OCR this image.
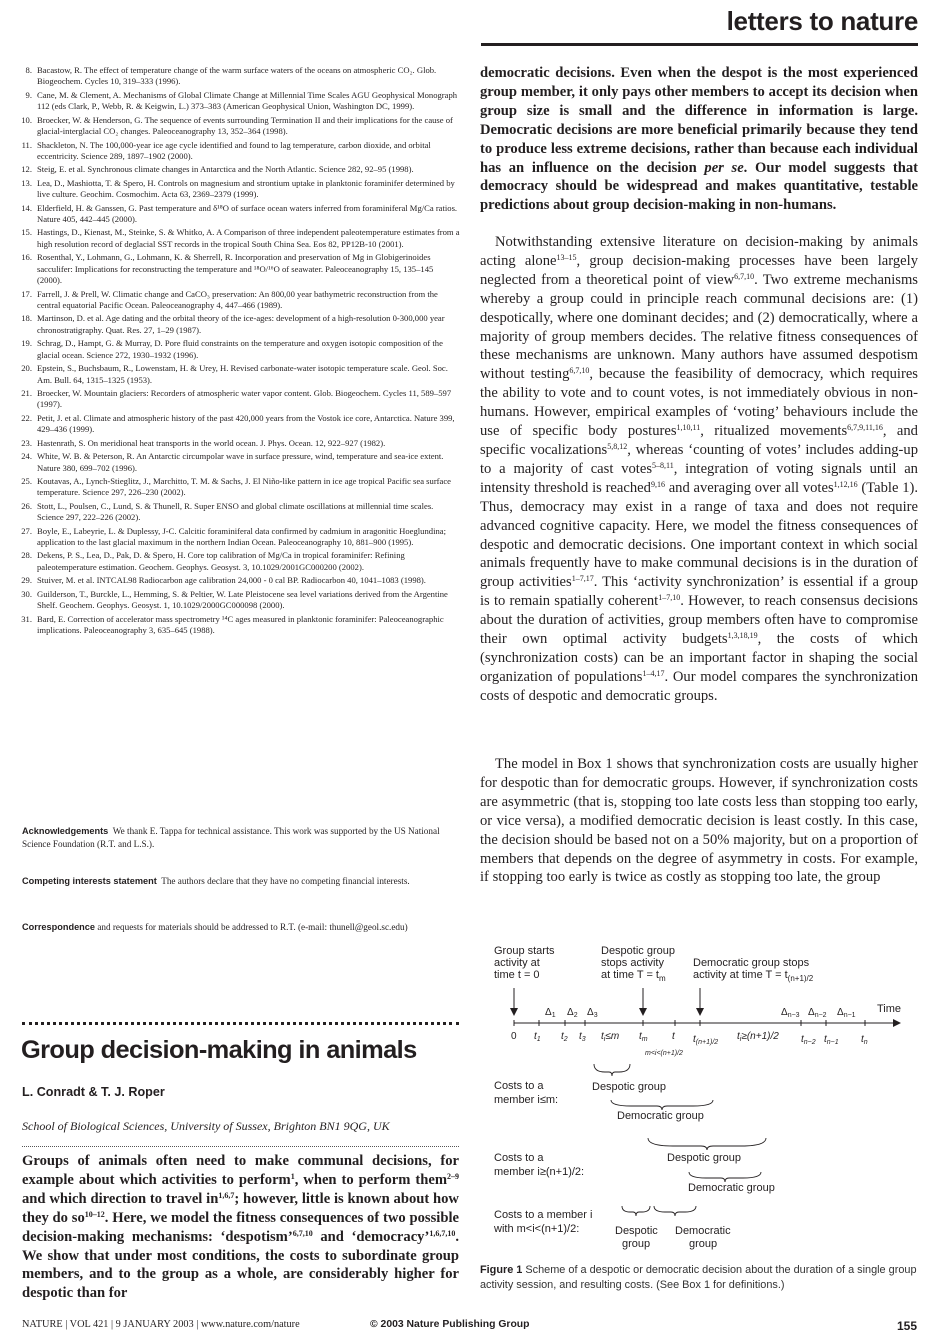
letters to nature
8. Bacastow, R. The effect of temperature change of the warm surface waters of the oceans on atmospheric CO₂. Glob. Biogeochem. Cycles 10, 319–333 (1996).
9. Cane, M. & Clement, A. Mechanisms of Global Climate Change at Millennial Time Scales AGU Geophysical Monograph 112 (eds Clark, P., Webb, R. & Keigwin, L.) 373–383 (American Geophysical Union, Washington DC, 1999).
10. Broecker, W. & Henderson, G. The sequence of events surrounding Termination II and their implications for the cause of glacial-interglacial CO₂ changes. Paleoceanography 13, 352–364 (1998).
11. Shackleton, N. The 100,000-year ice age cycle identified and found to lag temperature, carbon dioxide, and orbital eccentricity. Science 289, 1897–1902 (2000).
12. Steig, E. et al. Synchronous climate changes in Antarctica and the North Atlantic. Science 282, 92–95 (1998).
13. Lea, D., Mashiotta, T. & Spero, H. Controls on magnesium and strontium uptake in planktonic foraminifer determined by live culture. Geochim. Cosmochim. Acta 63, 2369–2379 (1999).
14. Elderfield, H. & Ganssen, G. Past temperature and δ¹⁸O of surface ocean waters inferred from foraminiferal Mg/Ca ratios. Nature 405, 442–445 (2000).
15. Hastings, D., Kienast, M., Steinke, S. & Whitko, A. A Comparison of three independent paleotemperature estimates from a high resolution record of deglacial SST records in the tropical South China Sea. Eos 82, PP12B-10 (2001).
16. Rosenthal, Y., Lohmann, G., Lohmann, K. & Sherrell, R. Incorporation and preservation of Mg in Globigerinoides sacculifer: Implications for reconstructing the temperature and ¹⁸O/¹⁶O of seawater. Paleoceanography 15, 135–145 (2000).
17. Farrell, J. & Prell, W. Climatic change and CaCO₃ preservation: An 800,00 year bathymetric reconstruction from the central equatorial Pacific Ocean. Paleoceanography 4, 447–466 (1989).
18. Martinson, D. et al. Age dating and the orbital theory of the ice-ages: development of a high-resolution 0-300,000 year chronostratigraphy. Quat. Res. 27, 1–29 (1987).
19. Schrag, D., Hampt, G. & Murray, D. Pore fluid constraints on the temperature and oxygen isotopic composition of the glacial ocean. Science 272, 1930–1932 (1996).
20. Epstein, S., Buchsbaum, R., Lowenstam, H. & Urey, H. Revised carbonate-water isotopic temperature scale. Geol. Soc. Am. Bull. 64, 1315–1325 (1953).
21. Broecker, W. Mountain glaciers: Recorders of atmospheric water vapor content. Glob. Biogeochem. Cycles 11, 589–597 (1997).
22. Petit, J. et al. Climate and atmospheric history of the past 420,000 years from the Vostok ice core, Antarctica. Nature 399, 429–436 (1999).
23. Hastenrath, S. On meridional heat transports in the world ocean. J. Phys. Ocean. 12, 922–927 (1982).
24. White, W. B. & Peterson, R. An Antarctic circumpolar wave in surface pressure, wind, temperature and sea-ice extent. Nature 380, 699–702 (1996).
25. Koutavas, A., Lynch-Stieglitz, J., Marchitto, T. M. & Sachs, J. El Niño-like pattern in ice age tropical Pacific sea surface temperature. Science 297, 226–230 (2002).
26. Stott, L., Poulsen, C., Lund, S. & Thunell, R. Super ENSO and global climate oscillations at millennial time scales. Science 297, 222–226 (2002).
27. Boyle, E., Labeyrie, L. & Duplessy, J-C. Calcitic foraminiferal data confirmed by cadmium in aragonitic Hoeglundina; application to the last glacial maximum in the northern Indian Ocean. Paleoceanography 10, 881–900 (1995).
28. Dekens, P. S., Lea, D., Pak, D. & Spero, H. Core top calibration of Mg/Ca in tropical foraminifer: Refining paleotemperature estimation. Geochem. Geophys. Geosyst. 3, 10.1029/2001GC000200 (2002).
29. Stuiver, M. et al. INTCAL98 Radiocarbon age calibration 24,000 - 0 cal BP. Radiocarbon 40, 1041–1083 (1998).
30. Guilderson, T., Burckle, L., Hemming, S. & Peltier, W. Late Pleistocene sea level variations derived from the Argentine Shelf. Geochem. Geophys. Geosyst. 1, 10.1029/2000GC000098 (2000).
31. Bard, E. Correction of accelerator mass spectrometry ¹⁴C ages measured in planktonic foraminifer: Paleoceanographic implications. Paleoceanography 3, 635–645 (1988).
Acknowledgements We thank E. Tappa for technical assistance. This work was supported by the US National Science Foundation (R.T. and L.S.).
Competing interests statement The authors declare that they have no competing financial interests.
Correspondence and requests for materials should be addressed to R.T. (e-mail: thunell@geol.sc.edu)
Group decision-making in animals
L. Conradt & T. J. Roper
School of Biological Sciences, University of Sussex, Brighton BN1 9QG, UK
Groups of animals often need to make communal decisions, for example about which activities to perform$^1$, when to perform them$^{2-9}$ and which direction to travel in$^{1,6,7}$; however, little is known about how they do $so^{10-12}$. Here, we model the fitness consequences of two possible decision-making mechanisms: ‘despotism’$^{6,7,10}$ and ‘democracy’$^{1,6,7,10}$. We show that under most conditions, the costs to subordinate group members, and to the group as a whole, are considerably higher for despotic than for
democratic decisions. Even when the despot is the most experienced group member, it only pays other members to accept its decision when group size is small and the difference in information is large. Democratic decisions are more beneficial primarily because they tend to produce less extreme decisions, rather than because each individual has an influence on the decision per se. Our model suggests that democracy should be widespread and makes quantitative, testable predictions about group decision-making in non-humans.
Notwithstanding extensive literature on decision-making by animals acting alone$^{13-15}$, group decision-making processes have been largely neglected from a theoretical point of view$^{6,7,10}$. Two extreme mechanisms whereby a group could in principle reach communal decisions are: (1) despotically, where one dominant decides; and (2) democratically, where a majority of group members decides. The relative fitness consequences of these mechanisms are unknown. Many authors have assumed despotism without testing$^{6,7,10}$, because the feasibility of democracy, which requires the ability to vote and to count votes, is not immediately obvious in non-humans. However, empirical examples of ‘voting’ behaviours include the use of specific body postures$^{1,10,11}$, ritualized movements$^{6,7,9,11,16}$, and specific vocalizations$^{5,8,12}$, whereas ‘counting of votes’ includes adding-up to a majority of cast votes$^{5-8,11}$, integration of voting signals until an intensity threshold is reached$^{9,16}$ and averaging over all votes$^{1,12,16}$ (Table 1). Thus, democracy may exist in a range of taxa and does not require advanced cognitive capacity. Here, we model the fitness consequences of despotic and democratic decisions. One important context in which social animals frequently have to make communal decisions is in the duration of group activities$^{1-7,17}$. This ‘activity synchronization’ is essential if a group is to remain spatially coherent$^{1-7,10}$. However, to reach consensus decisions about the duration of activities, group members often have to compromise their own optimal activity budgets$^{1,3,18,19}$, the costs of which (synchronization costs) can be an important factor in shaping the social organization of populations$^{1-4,17}$. Our model compares the synchronization costs of despotic and democratic groups.
The model in Box 1 shows that synchronization costs are usually higher for despotic than for democratic groups. However, if synchronization costs are asymmetric (that is, stopping too late costs less than stopping too early, or vice versa), a modified democratic decision is least costly. In this case, the decision should be based not on a 50% majority, but on a proportion of members that depends on the degree of asymmetry in costs. For example, if stopping too early is twice as costly as stopping too late, the group
Group starts activity at time t = 0
Despotic group stops activity at time $T = t_m$
Democratic group stops activity at time $T = t_{(n+1)/2}$
Time
0 $t_1$ $t_2$ $t_3$ $t_i\le m$ $t_m$ t $t_{(n+1)/2}$
$t_i\ge(n+1)/2$ $t_{n-2}$ $t_{n-1}$ $t_n$
m<i<(n+1)/2
$\Delta_1$ $\Delta_2$ $\Delta_3$	$\Delta_{n-3}$ $\Delta_{n-2}$ $\Delta_{n-1}$
Costs to a member i≤m:
Despotic group
Democratic group
Costs to a member i≥(n+1)/2:
Despotic group
Democratic group
Costs to a member i with m<i<(n+1)/2:	Despotic group
Democratic group
Figure 1 Scheme of a despotic or democratic decision about the duration of a single group activity session, and resulting costs. (See Box 1 for definitions.)
NATURE | VOL 421 | 9 JANUARY 2003 | www.nature.com/nature	© 2003 Nature Publishing Group	155
